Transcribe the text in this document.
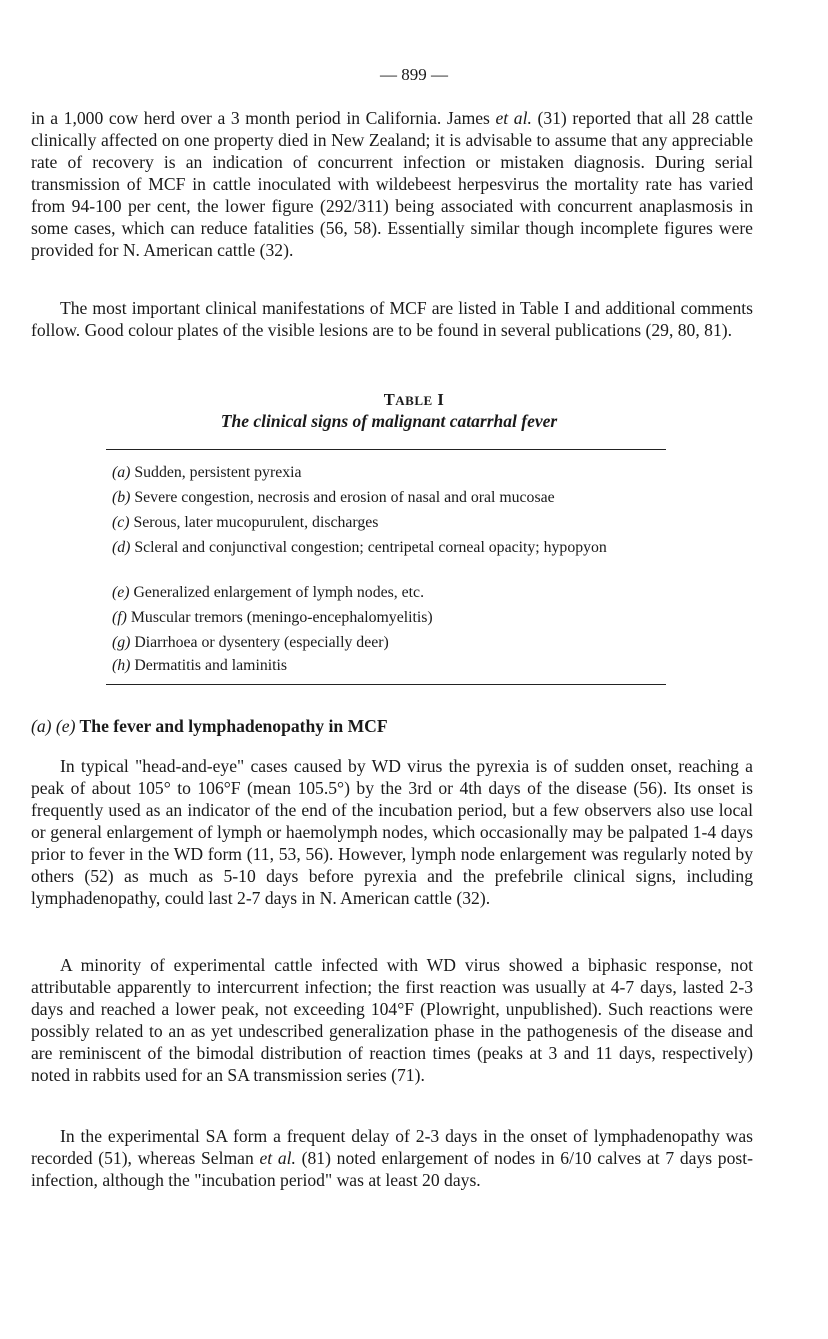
— 899 —

in a 1,000 cow herd over a 3 month period in California. James et al. (31) reported that all 28 cattle clinically affected on one property died in New Zealand; it is advisable to assume that any appreciable rate of recovery is an indication of concurrent infection or mistaken diagnosis. During serial transmission of MCF in cattle inoculated with wildebeest herpesvirus the mortality rate has varied from 94-100 per cent, the lower figure (292/311) being associated with concurrent anaplasmosis in some cases, which can reduce fatalities (56, 58). Essentially similar though incomplete figures were provided for N. American cattle (32).

The most important clinical manifestations of MCF are listed in Table I and additional comments follow. Good colour plates of the visible lesions are to be found in several publications (29, 80, 81).

TABLE I
The clinical signs of malignant catarrhal fever
(a) Sudden, persistent pyrexia
(b) Severe congestion, necrosis and erosion of nasal and oral mucosae
(c) Serous, later mucopurulent, discharges
(d) Scleral and conjunctival congestion; centripetal corneal opacity; hypopyon
(e) Generalized enlargement of lymph nodes, etc.
(f) Muscular tremors (meningo-encephalomyelitis)
(g) Diarrhoea or dysentery (especially deer)
(h) Dermatitis and laminitis
(a) (e) The fever and lymphadenopathy in MCF

In typical "head-and-eye" cases caused by WD virus the pyrexia is of sudden onset, reaching a peak of about 105° to 106°F (mean 105.5°) by the 3rd or 4th days of the disease (56). Its onset is frequently used as an indicator of the end of the incubation period, but a few observers also use local or general enlargement of lymph or haemolymph nodes, which occasionally may be palpated 1-4 days prior to fever in the WD form (11, 53, 56). However, lymph node enlargement was regularly noted by others (52) as much as 5-10 days before pyrexia and the prefebrile clinical signs, including lymphadenopathy, could last 2-7 days in N. American cattle (32).

A minority of experimental cattle infected with WD virus showed a biphasic response, not attributable apparently to intercurrent infection; the first reaction was usually at 4-7 days, lasted 2-3 days and reached a lower peak, not exceeding 104°F (Plowright, unpublished). Such reactions were possibly related to an as yet undescribed generalization phase in the pathogenesis of the disease and are reminiscent of the bimodal distribution of reaction times (peaks at 3 and 11 days, respectively) noted in rabbits used for an SA transmission series (71).

In the experimental SA form a frequent delay of 2-3 days in the onset of lymphadenopathy was recorded (51), whereas Selman et al. (81) noted enlargement of nodes in 6/10 calves at 7 days post-infection, although the "incubation period" was at least 20 days.
